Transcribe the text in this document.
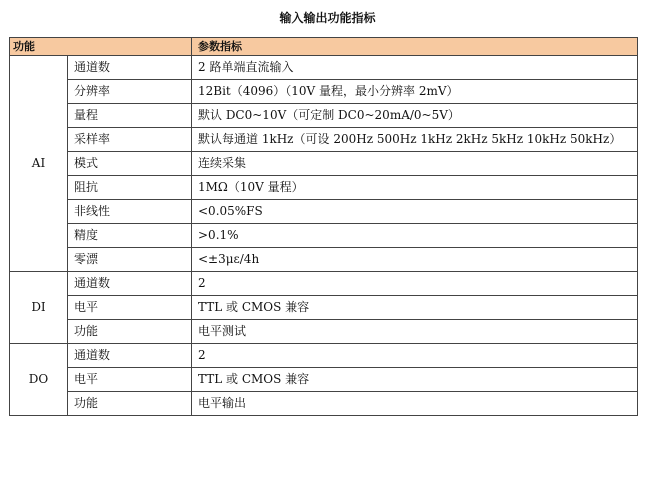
输入输出功能指标
功能		参数指标
AI	通道数	2 路单端直流输入
	分辨率	12Bit（4096）（10V 量程，最小分辨率 2mV）
	量程	默认 DC0~10V（可定制 DC0~20mA/0~5V）
	采样率	默认每通道 1kHz（可设 200Hz 500Hz 1kHz 2kHz 5kHz 10kHz 50kHz）
	模式	连续采集
	阻抗	1MΩ（10V 量程）
	非线性	<0.05%FS
	精度	>0.1%
	零漂	<±3με/4h
DI	通道数	2
	电平	TTL 或 CMOS 兼容
	功能	电平测试
DO	通道数	2
	电平	TTL 或 CMOS 兼容
	功能	电平输出
